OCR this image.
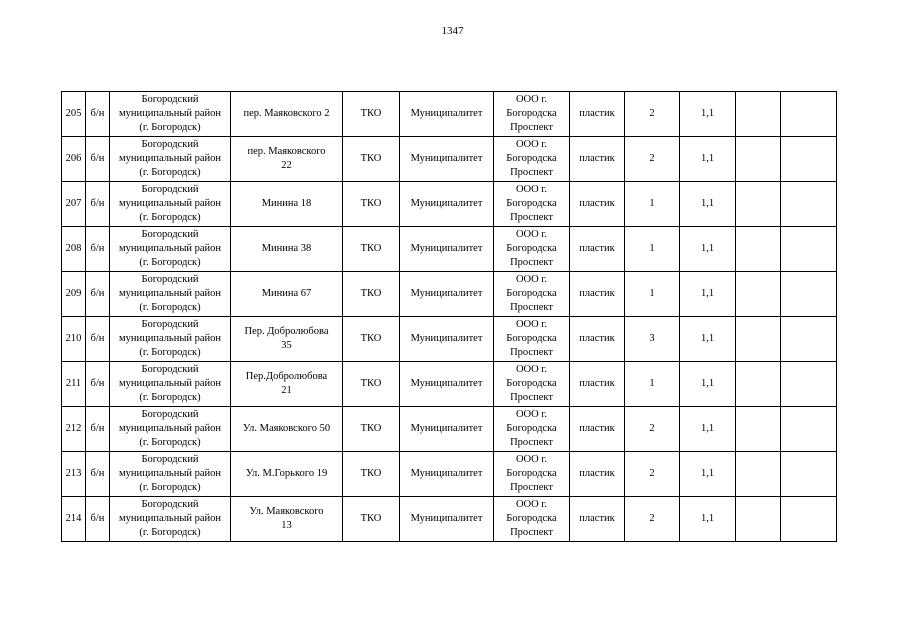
1347
205	б/н	Богородский
муниципальный район
(г. Богородск)	пер. Маяковского 2	ТКО	Муниципалитет	ООО г.
Богородска
Проспект	пластик	2	1,1		
206	б/н	Богородский
муниципальный район
(г. Богородск)	пер. Маяковского
22	ТКО	Муниципалитет	ООО г.
Богородска
Проспект	пластик	2	1,1		
207	б/н	Богородский
муниципальный район
(г. Богородск)	Минина 18	ТКО	Муниципалитет	ООО г.
Богородска
Проспект	пластик	1	1,1		
208	б/н	Богородский
муниципальный район
(г. Богородск)	Минина 38	ТКО	Муниципалитет	ООО г.
Богородска
Проспект	пластик	1	1,1		
209	б/н	Богородский
муниципальный район
(г. Богородск)	Минина 67	ТКО	Муниципалитет	ООО г.
Богородска
Проспект	пластик	1	1,1		
210	б/н	Богородский
муниципальный район
(г. Богородск)	Пер. Добролюбова
35	ТКО	Муниципалитет	ООО г.
Богородска
Проспект	пластик	3	1,1		
211	б/н	Богородский
муниципальный район
(г. Богородск)	Пер.Добролюбова
21	ТКО	Муниципалитет	ООО г.
Богородска
Проспект	пластик	1	1,1		
212	б/н	Богородский
муниципальный район
(г. Богородск)	Ул. Маяковского 50	ТКО	Муниципалитет	ООО г.
Богородска
Проспект	пластик	2	1,1		
213	б/н	Богородский
муниципальный район
(г. Богородск)	Ул. М.Горького 19	ТКО	Муниципалитет	ООО г.
Богородска
Проспект	пластик	2	1,1		
214	б/н	Богородский
муниципальный район
(г. Богородск)	Ул. Маяковского
13	ТКО	Муниципалитет	ООО г.
Богородска
Проспект	пластик	2	1,1		
